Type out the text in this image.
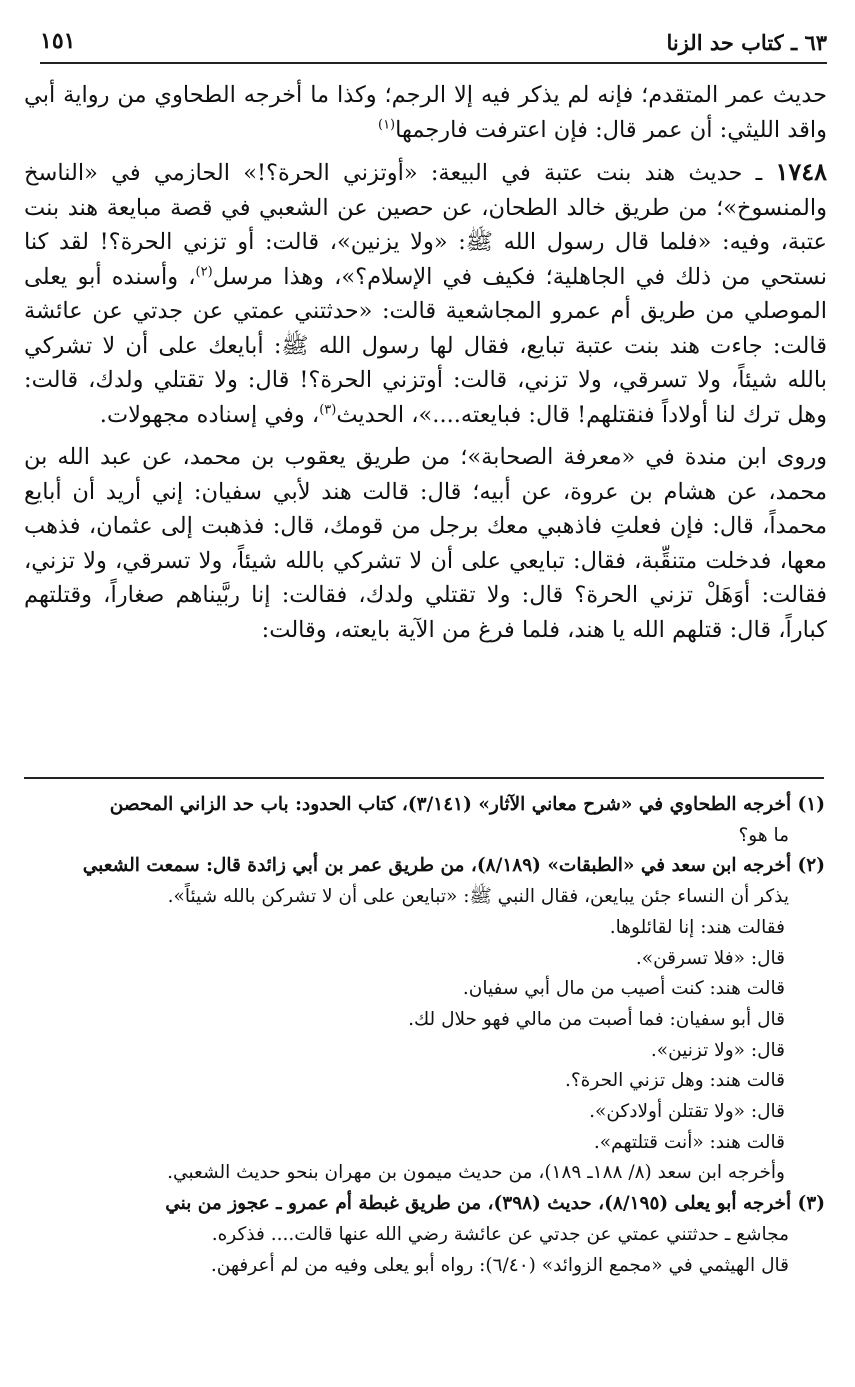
٦٣ ـ كتاب حد الزنا
١٥١

حديث عمر المتقدم؛ فإنه لم يذكر فيه إلا الرجم؛ وكذا ما أخرجه الطحاوي من رواية أبي واقد الليثي: أن عمر قال: فإن اعترفت فارجمها$^{(١)}$

١٧٤٨ ـ حديث هند بنت عتبة في البيعة: «أوتزني الحرة؟!» الحازمي في «الناسخ والمنسوخ»؛ من طريق خالد الطحان، عن حصين عن الشعبي في قصة مبايعة هند بنت عتبة، وفيه: «فلما قال رسول الله ﷺ: «ولا يزنين»، قالت: أو تزني الحرة؟! لقد كنا نستحي من ذلك في الجاهلية؛ فكيف في الإسلام؟»، وهذا مرسل$^{(٢)}$، وأسنده أبو يعلى الموصلي من طريق أم عمرو المجاشعية قالت: «حدثتني عمتي عن جدتي عن عائشة قالت: جاءت هند بنت عتبة تبايع، فقال لها رسول الله ﷺ: أبايعك على أن لا تشركي بالله شيئاً، ولا تسرقي، ولا تزني، قالت: أوتزني الحرة؟! قال: ولا تقتلي ولدك، قالت: وهل ترك لنا أولاداً فنقتلهم! قال: فبايعته....»، الحديث$^{(٣)}$، وفي إسناده مجهولات.

وروى ابن مندة في «معرفة الصحابة»؛ من طريق يعقوب بن محمد، عن عبد الله بن محمد، عن هشام بن عروة، عن أبيه؛ قال: قالت هند لأبي سفيان: إني أريد أن أبايع محمداً، قال: فإن فعلتِ فاذهبي معك برجل من قومك، قال: فذهبت إلى عثمان، فذهب معها، فدخلت متنقِّبة، فقال: تبايعي على أن لا تشركي بالله شيئاً، ولا تسرقي، ولا تزني، فقالت: أوَهَلْ تزني الحرة؟ قال: ولا تقتلي ولدك، فقالت: إنا ربَّيناهم صغاراً، وقتلتهم كباراً، قال: قتلهم الله يا هند، فلما فرغ من الآية بايعته، وقالت:

(١) أخرجه الطحاوي في «شرح معاني الآثار» (٣/١٤١)، كتاب الحدود: باب حد الزاني المحصن

ما هو؟

(٢) أخرجه ابن سعد في «الطبقات» (٨/١٨٩)، من طريق عمر بن أبي زائدة قال: سمعت الشعبي

يذكر أن النساء جئن يبايعن، فقال النبي ﷺ: «تبايعن على أن لا تشركن بالله شيئاً».

فقالت هند: إنا لقائلوها.

قال: «فلا تسرقن».

قالت هند: كنت أصيب من مال أبي سفيان.

قال أبو سفيان: فما أصبت من مالي فهو حلال لك.

قال: «ولا تزنين».

قالت هند: وهل تزني الحرة؟.

قال: «ولا تقتلن أولادكن».

قالت هند: «أنت قتلتهم».

وأخرجه ابن سعد (٨/ ١٨٨ـ ١٨٩)، من حديث ميمون بن مهران بنحو حديث الشعبي.

(٣) أخرجه أبو يعلى (٨/١٩٥)، حديث (٣٩٨)، من طريق غبطة أم عمرو ـ عجوز من بني

مجاشع ـ حدثتني عمتي عن جدتي عن عائشة رضي الله عنها قالت.... فذكره.

قال الهيثمي في «مجمع الزوائد» (٦/٤٠): رواه أبو يعلى وفيه من لم أعرفهن.
